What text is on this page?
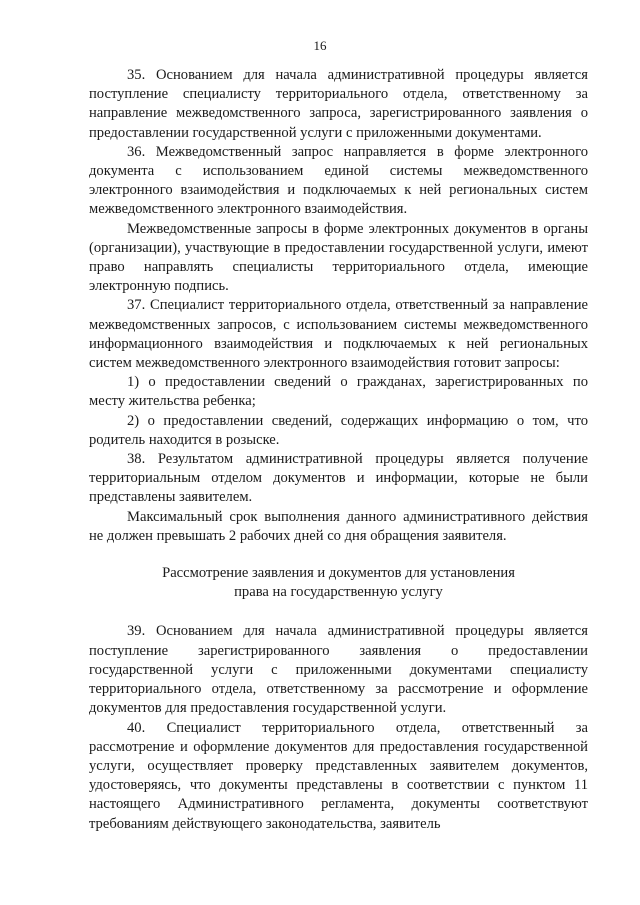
16

35. Основанием для начала административной процедуры является поступление специалисту территориального отдела, ответственному за направление межведомственного запроса, зарегистрированного заявления о предоставлении государственной услуги с приложенными документами.

36. Межведомственный запрос направляется в форме электронного документа с использованием единой системы межведомственного электронного взаимодействия и подключаемых к ней региональных систем межведомственного электронного взаимодействия.

Межведомственные запросы в форме электронных документов в органы (организации), участвующие в предоставлении государственной услуги, имеют право направлять специалисты территориального отдела, имеющие электронную подпись.

37. Специалист территориального отдела, ответственный за направление межведомственных запросов, с использованием системы межведомственного информационного взаимодействия и подключаемых к ней региональных систем межведомственного электронного взаимодействия готовит запросы:

1) о предоставлении сведений о гражданах, зарегистрированных по месту жительства ребенка;

2) о предоставлении сведений, содержащих информацию о том, что родитель находится в розыске.

38. Результатом административной процедуры является получение территориальным отделом документов и информации, которые не были представлены заявителем.

Максимальный срок выполнения данного административного действия не должен превышать 2 рабочих дней со дня обращения заявителя.

Рассмотрение заявления и документов для установления
права на государственную услугу

39. Основанием для начала административной процедуры является поступление зарегистрированного заявления о предоставлении государственной услуги с приложенными документами специалисту территориального отдела, ответственному за рассмотрение и оформление документов для предоставления государственной услуги.

40. Специалист территориального отдела, ответственный за рассмотрение и оформление документов для предоставления государственной услуги, осуществляет проверку представленных заявителем документов, удостоверяясь, что документы представлены в соответствии с пунктом 11 настоящего Административного регламента, документы соответствуют требованиям действующего законодательства, заявитель
